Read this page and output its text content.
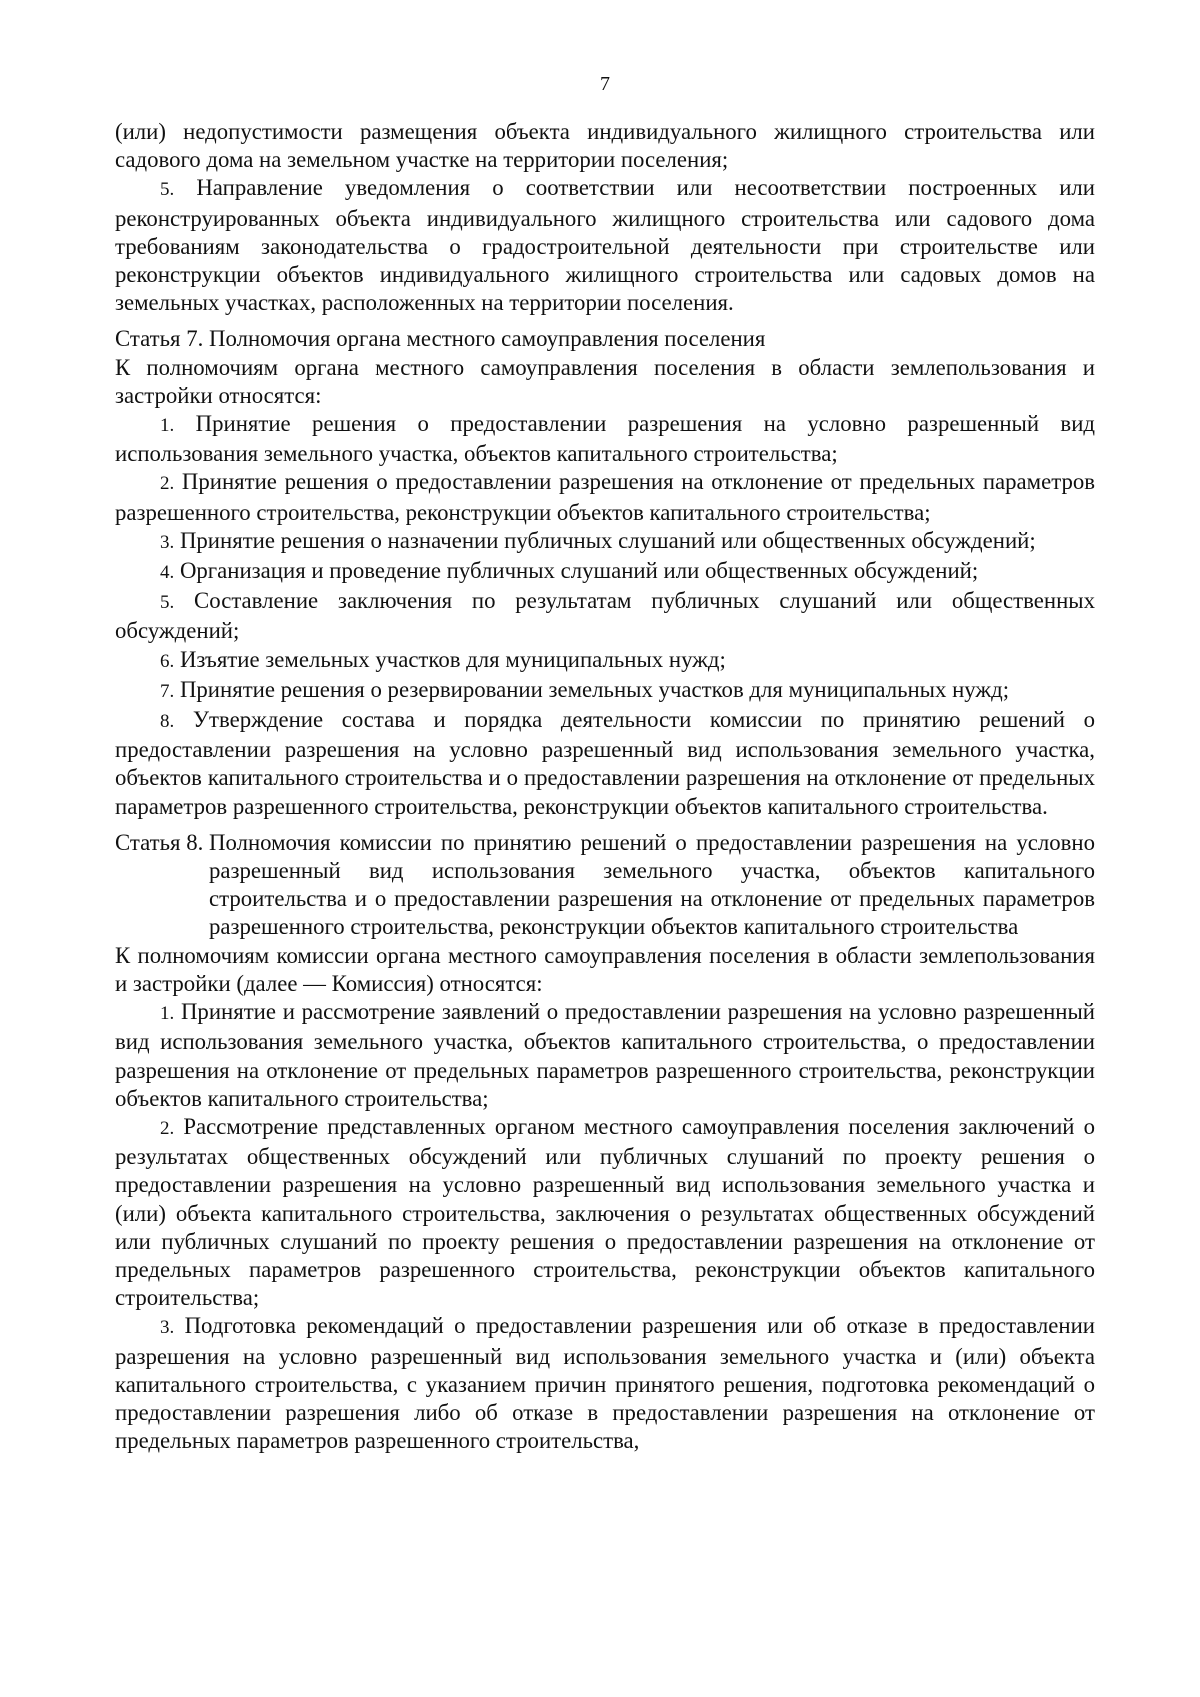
7

(или) недопустимости размещения объекта индивидуального жилищного строительства или садового дома на земельном участке на территории поселения;

5. Направление уведомления о соответствии или несоответствии построенных или реконструированных объекта индивидуального жилищного строительства или садового дома требованиям законодательства о градостроительной деятельности при строительстве или реконструкции объектов индивидуального жилищного строительства или садовых домов на земельных участках, расположенных на территории поселения.

Статья 7. Полномочия органа местного самоуправления поселения

К полномочиям органа местного самоуправления поселения в области землепользования и застройки относятся:

1. Принятие решения о предоставлении разрешения на условно разрешенный вид использования земельного участка, объектов капитального строительства;

2. Принятие решения о предоставлении разрешения на отклонение от предельных параметров разрешенного строительства, реконструкции объектов капитального строительства;

3. Принятие решения о назначении публичных слушаний или общественных обсуждений;

4. Организация и проведение публичных слушаний или общественных обсуждений;

5. Составление заключения по результатам публичных слушаний или общественных обсуждений;

6. Изъятие земельных участков для муниципальных нужд;

7. Принятие решения о резервировании земельных участков для муниципальных нужд;

8. Утверждение состава и порядка деятельности комиссии по принятию решений о предоставлении разрешения на условно разрешенный вид использования земельного участка, объектов капитального строительства и о предоставлении разрешения на отклонение от предельных параметров разрешенного строительства, реконструкции объектов капитального строительства.

Статья 8. Полномочия комиссии по принятию решений о предоставлении разрешения на условно разрешенный вид использования земельного участка, объектов капитального строительства и о предоставлении разрешения на отклонение от предельных параметров разрешенного строительства, реконструкции объектов капитального строительства

К полномочиям комиссии органа местного самоуправления поселения в области землепользования и застройки (далее — Комиссия) относятся:

1. Принятие и рассмотрение заявлений о предоставлении разрешения на условно разрешенный вид использования земельного участка, объектов капитального строительства, о предоставлении разрешения на отклонение от предельных параметров разрешенного строительства, реконструкции объектов капитального строительства;

2. Рассмотрение представленных органом местного самоуправления поселения заключений о результатах общественных обсуждений или публичных слушаний по проекту решения о предоставлении разрешения на условно разрешенный вид использования земельного участка и (или) объекта капитального строительства, заключения о результатах общественных обсуждений или публичных слушаний по проекту решения о предоставлении разрешения на отклонение от предельных параметров разрешенного строительства, реконструкции объектов капитального строительства;

3. Подготовка рекомендаций о предоставлении разрешения или об отказе в предоставлении разрешения на условно разрешенный вид использования земельного участка и (или) объекта капитального строительства, с указанием причин принятого решения, подготовка рекомендаций о предоставлении разрешения либо об отказе в предоставлении разрешения на отклонение от предельных параметров разрешенного строительства,
